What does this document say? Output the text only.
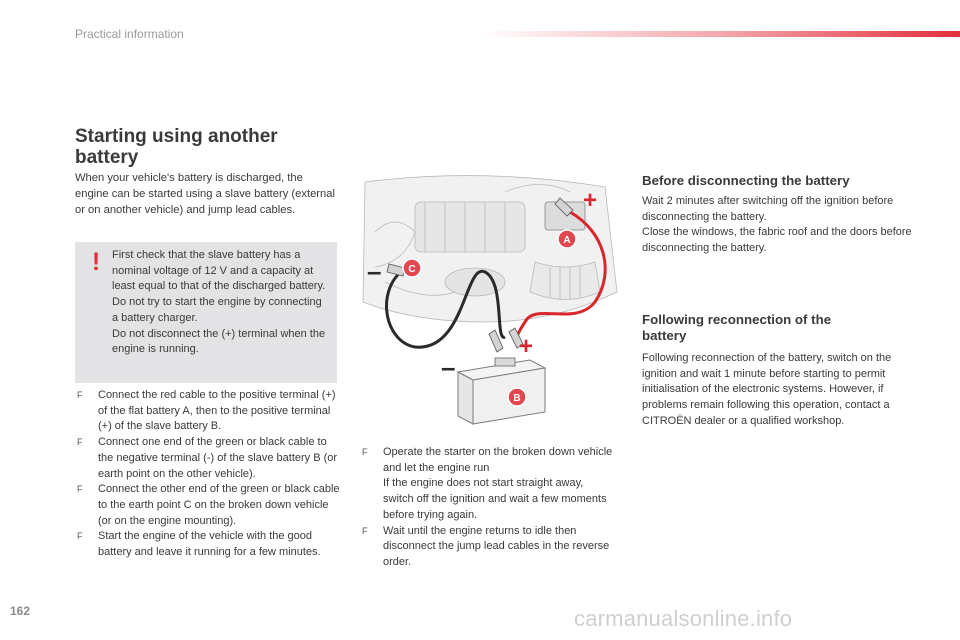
Practical information
Starting using another battery

When your vehicle's battery is discharged, the engine can be started using a slave battery (external or on another vehicle) and jump lead cables.

! First check that the slave battery has a nominal voltage of 12 V and a capacity at least equal to that of the discharged battery.
Do not try to start the engine by connecting a battery charger.
Do not disconnect the (+) terminal when the engine is running.
F Connect the red cable to the positive terminal (+) of the flat battery A, then to the positive terminal (+) of the slave battery B.
F Connect one end of the green or black cable to the negative terminal (-) of the slave battery B (or earth point on the other vehicle).
F Connect the other end of the green or black cable to the earth point C on the broken down vehicle (or on the engine mounting).
F Start the engine of the vehicle with the good battery and leave it running for a few minutes.
A
B
C
+
+
–
–
F Operate the starter on the broken down vehicle and let the engine run
If the engine does not start straight away, switch off the ignition and wait a few moments before trying again.
F Wait until the engine returns to idle then disconnect the jump lead cables in the reverse order.
Before disconnecting the battery

Wait 2 minutes after switching off the ignition before disconnecting the battery.
Close the windows, the fabric roof and the doors before disconnecting the battery.

Following reconnection of the battery

Following reconnection of the battery, switch on the ignition and wait 1 minute before starting to permit initialisation of the electronic systems. However, if problems remain following this operation, contact a CITROËN dealer or a qualified workshop.

162	carmanualsonline.info
